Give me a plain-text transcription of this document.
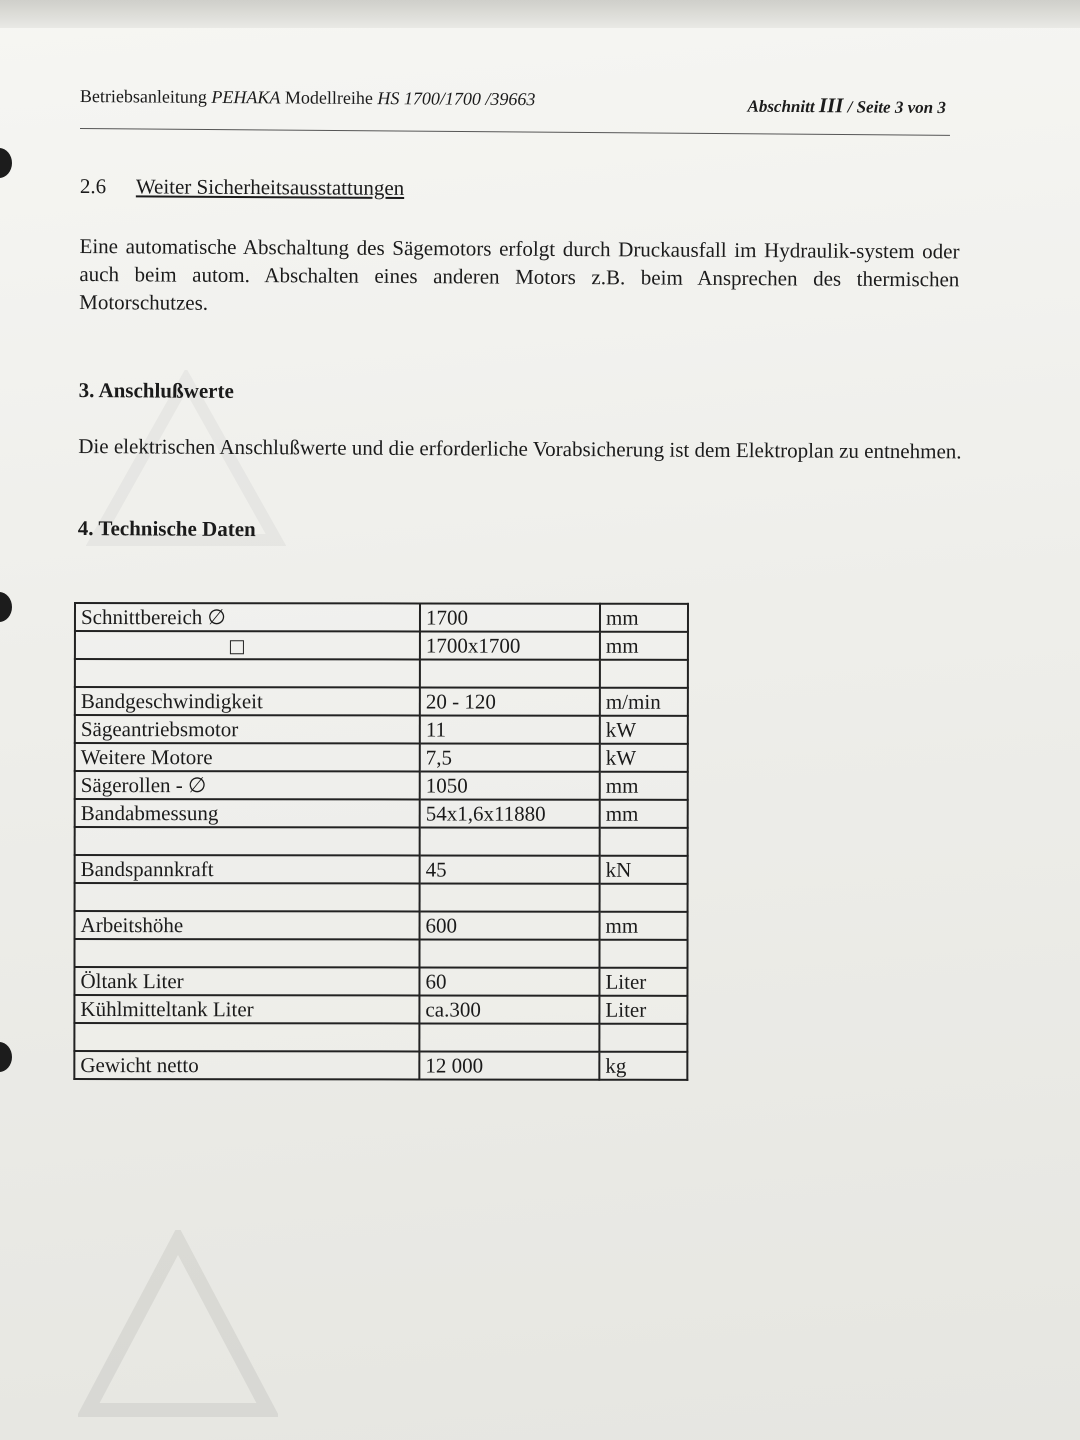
Betriebsanleitung PEHAKA Modellreihe HS 1700/1700 /39663	Abschnitt III / Seite 3 von 3
2.6 Weiter Sicherheitsausstattungen

Eine automatische Abschaltung des Sägemotors erfolgt durch Druckausfall im Hydraulik-system oder auch beim autom. Abschalten eines anderen Motors z.B. beim Ansprechen des thermischen Motorschutzes.

3. Anschlußwerte

Die elektrischen Anschlußwerte und die erforderliche Vorabsicherung ist dem Elektroplan zu entnehmen.

4. Technische Daten
Schnittbereich ∅	1700	mm

	1700x1700	mm

Bandgeschwindigkeit	20 - 120	m/min
Sägeantriebsmotor	11	kW
Weitere Motore	7,5	kW
Sägerollen - ∅	1050	mm
Bandabmessung	54x1,6x11880	mm

Bandspannkraft	45	kN

Arbeitshöhe	600	mm

Öltank Liter	60	Liter
Kühlmitteltank Liter	ca.300	Liter

Gewicht netto	12 000	kg
